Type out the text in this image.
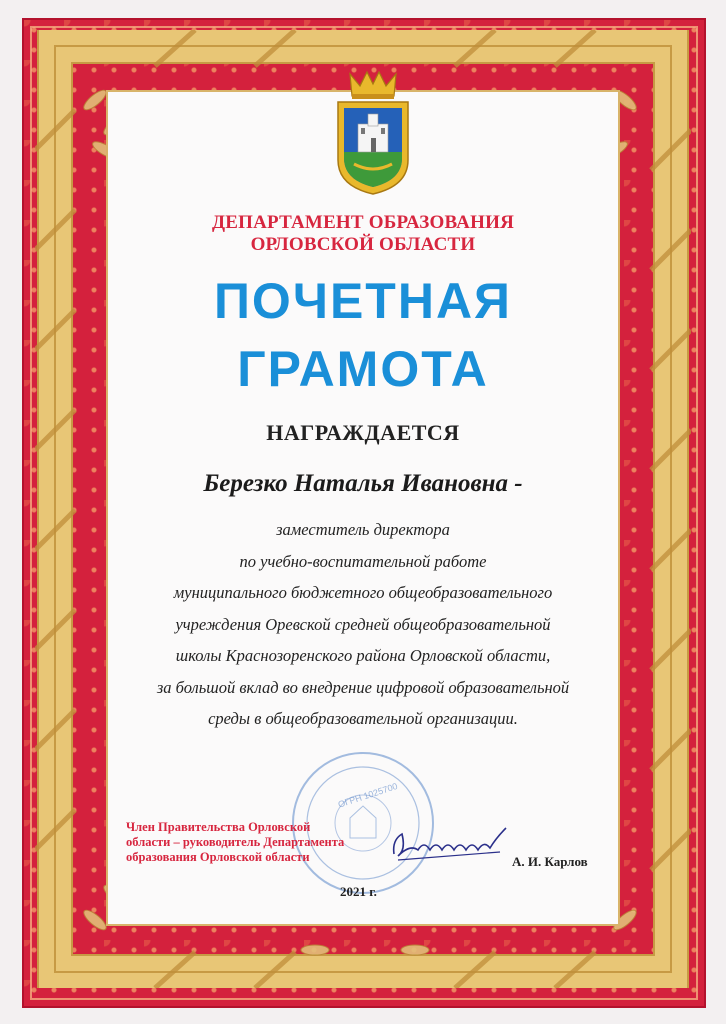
ДЕПАРТАМЕНТ ОБРАЗОВАНИЯ
ОРЛОВСКОЙ ОБЛАСТИ
ПОЧЕТНАЯ
ГРАМОТА
НАГРАЖДАЕТСЯ
Березко Наталья Ивановна -
заместитель директора
по учебно-воспитательной работе
муниципального бюджетного общеобразовательного
учреждения Оревской средней общеобразовательной
школы Краснозоренского района Орловской области,
за большой вклад во внедрение цифровой образовательной
среды в общеобразовательной организации.
ОГРН 1025700
Член Правительства Орловской
области – руководитель Департамента
образования Орловской области	А. И. Карлов
2021 г.
